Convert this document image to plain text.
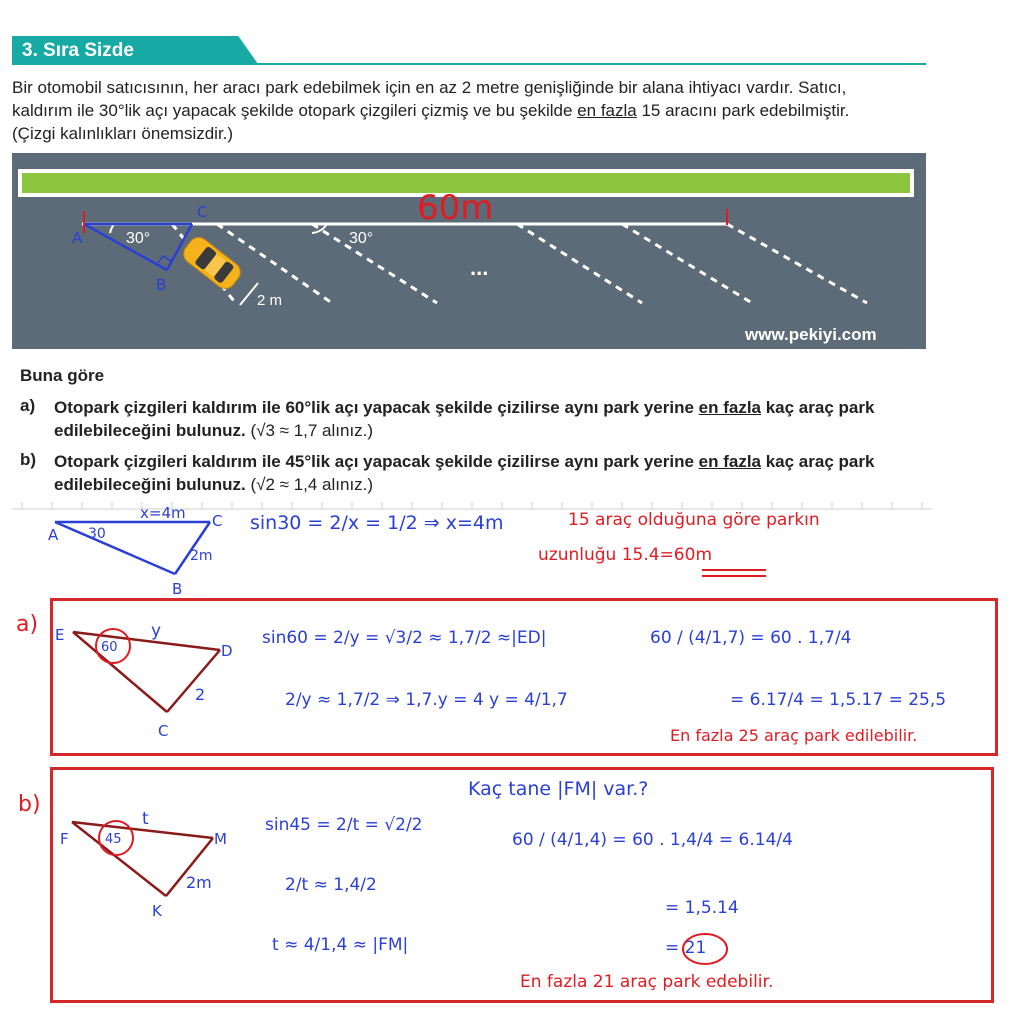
3. Sıra Sizde
Bir otomobil satıcısının, her aracı park edebilmek için en az 2 metre genişliğinde bir alana ihtiyacı vardır. Satıcı,
kaldırım ile 30°lik açı yapacak şekilde otopark çizgileri çizmiş ve bu şekilde en fazla 15 aracını park edebilmiştir.
(Çizgi kalınlıkları önemsizdir.)
2 m
30°	30°
...
A
C
B
60m
www.pekiyi.com
Buna göre
a) Otopark çizgileri kaldırım ile 60°lik açı yapacak şekilde çizilirse aynı park yerine en fazla kaç araç park
edilebileceğini bulunuz. (√3 ≈ 1,7 alınız.)
b) Otopark çizgileri kaldırım ile 45°lik açı yapacak şekilde çizilirse aynı park yerine en fazla kaç araç park
edilebileceğini bulunuz. (√2 ≈ 1,4 alınız.)
x=4m
30
2m
A
C
B
sin30 = 2/x = 1/2 ⇒ x=4m	15 araç olduğuna göre parkın
uzunluğu 15.4=60m
a) E
D
C
y
60
2
sin60 = 2/y = √3/2 ≈ 1,7/2 ≈|ED|
2/y ≈ 1,7/2 ⇒ 1,7.y = 4 y = 4/1,7
60 / (4/1,7) = 60 . 1,7/4
= 6.17/4 = 1,5.17 = 25,5
En fazla 25 araç park edilebilir.
b)
F	M
K
t
45
2m
Kaç tane |FM| var.?
sin45 = 2/t = √2/2
2/t ≈ 1,4/2
t ≈ 4/1,4 ≈ |FM|
60 / (4/1,4) = 60 . 1,4/4 = 6.14/4
= 1,5.14
= 21
En fazla 21 araç park edebilir.
